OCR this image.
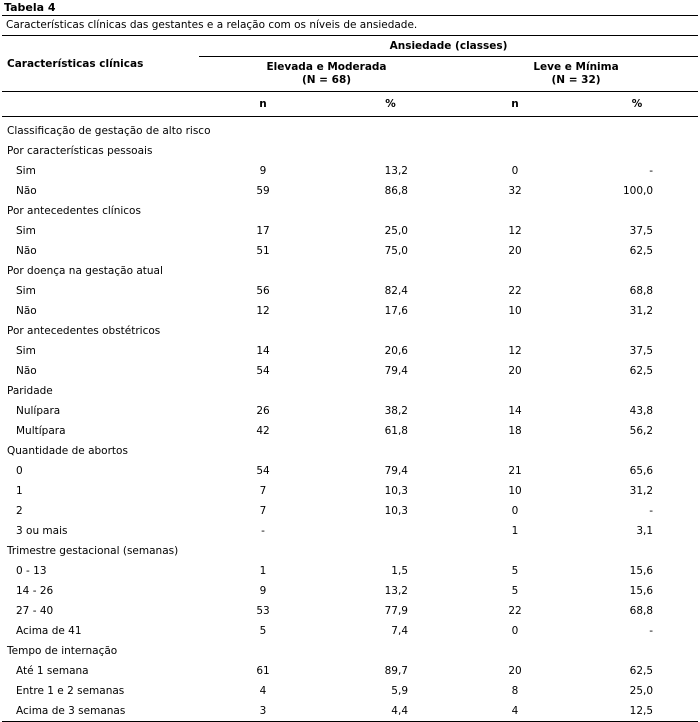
Tabela 4
Características clínicas das gestantes e a relação com os níveis de ansiedade.
Características clínicas	Ansiedade (classes)			
	Elevada e Moderada
(N = 68)		Leve e Mínima
(N = 32)	
	n	%	n	%
Classificação de gestação de alto risco				
Por características pessoais				
Sim	9	13,2	0	-
Não	59	86,8	32	100,0
Por antecedentes clínicos				
Sim	17	25,0	12	37,5
Não	51	75,0	20	62,5
Por doença na gestação atual				
Sim	56	82,4	22	68,8
Não	12	17,6	10	31,2
Por antecedentes obstétricos				
Sim	14	20,6	12	37,5
Não	54	79,4	20	62,5
Paridade				
Nulípara	26	38,2	14	43,8
Multípara	42	61,8	18	56,2
Quantidade de abortos				
0	54	79,4	21	65,6
1	7	10,3	10	31,2
2	7	10,3	0	-
3 ou mais	-		1	3,1
Trimestre gestacional (semanas)				
0 - 13	1	1,5	5	15,6
14 - 26	9	13,2	5	15,6
27 - 40	53	77,9	22	68,8
Acima de 41	5	7,4	0	-
Tempo de internação				
Até 1 semana	61	89,7	20	62,5
Entre 1 e 2 semanas	4	5,9	8	25,0
Acima de 3 semanas	3	4,4	4	12,5
